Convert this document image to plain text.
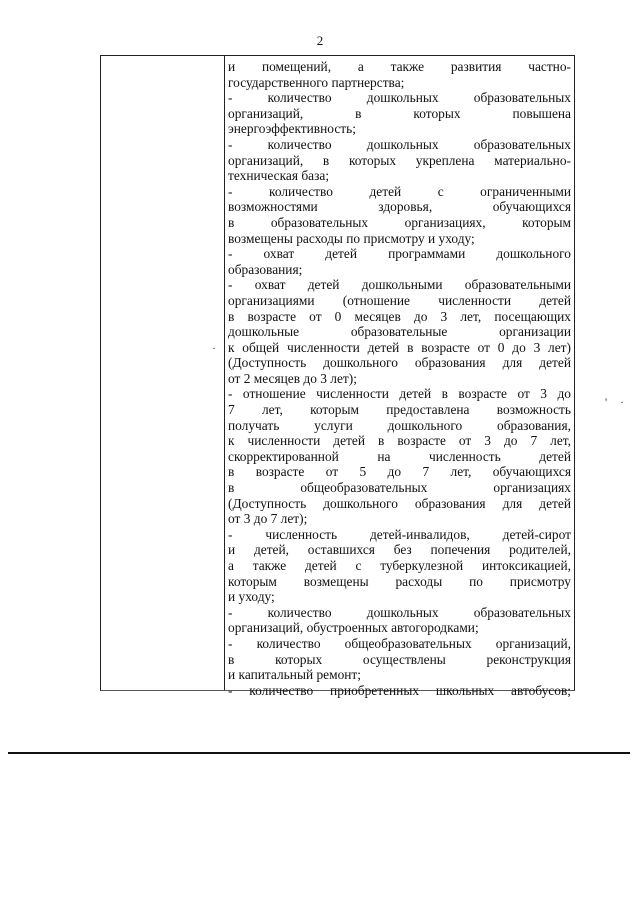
2
и помещений, а также развития частно-
государственного партнерства;
- количество дошкольных образовательных
организаций, в которых повышена
энергоэффективность;
- количество дошкольных образовательных
организаций, в которых укреплена материально-
техническая база;
- количество детей с ограниченными
возможностями здоровья, обучающихся
в образовательных организациях, которым
возмещены расходы по присмотру и уходу;
- охват детей программами дошкольного
образования;
- охват детей дошкольными образовательными
организациями (отношение численности детей
в возрасте от 0 месяцев до 3 лет, посещающих
дошкольные образовательные организации
к общей численности детей в возрасте от 0 до 3 лет)
(Доступность дошкольного образования для детей
от 2 месяцев до 3 лет);
- отношение численности детей в возрасте от 3 до
7 лет, которым предоставлена возможность
получать услуги дошкольного образования,
к численности детей в возрасте от 3 до 7 лет,
скорректированной на численность детей
в возрасте от 5 до 7 лет, обучающихся
в общеобразовательных организациях
(Доступность дошкольного образования для детей
от 3 до 7 лет);
- численность детей-инвалидов, детей-сирот
и детей, оставшихся без попечения родителей,
а также детей с туберкулезной интоксикацией,
которым возмещены расходы по присмотру
и уходу;
- количество дошкольных образовательных
организаций, обустроенных автогородками;
- количество общеобразовательных организаций,
в которых осуществлены реконструкция
и капитальный ремонт;
- количество приобретенных школьных автобусов;
·
' ·
